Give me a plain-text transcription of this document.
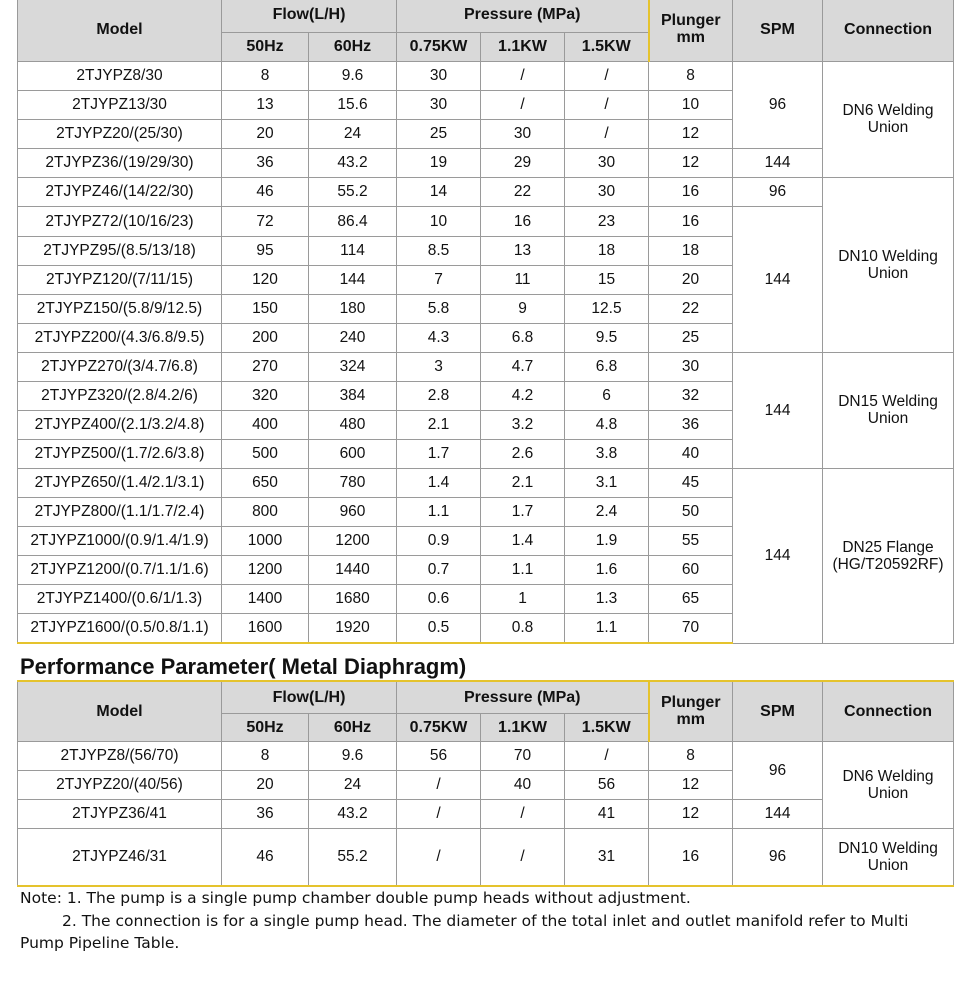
Model	Flow(L/H)		Pressure (MPa)			Plunger mm	SPM	Connection
	50Hz	60Hz	0.75KW	1.1KW	1.5KW			
2TJYPZ8/30	8	9.6	30	/	/	8	96	DN6 Welding Union
2TJYPZ13/30	13	15.6	30	/	/	10		
2TJYPZ20/(25/30)	20	24	25	30	/	12		
2TJYPZ36/(19/29/30)	36	43.2	19	29	30	12	144	
2TJYPZ46/(14/22/30)	46	55.2	14	22	30	16	96	DN10 Welding Union
2TJYPZ72/(10/16/23)	72	86.4	10	16	23	16	144	
2TJYPZ95/(8.5/13/18)	95	114	8.5	13	18	18		
2TJYPZ120/(7/11/15)	120	144	7	11	15	20		
2TJYPZ150/(5.8/9/12.5)	150	180	5.8	9	12.5	22		
2TJYPZ200/(4.3/6.8/9.5)	200	240	4.3	6.8	9.5	25		
2TJYPZ270/(3/4.7/6.8)	270	324	3	4.7	6.8	30	144	DN15 Welding Union
2TJYPZ320/(2.8/4.2/6)	320	384	2.8	4.2	6	32		
2TJYPZ400/(2.1/3.2/4.8)	400	480	2.1	3.2	4.8	36		
2TJYPZ500/(1.7/2.6/3.8)	500	600	1.7	2.6	3.8	40		
2TJYPZ650/(1.4/2.1/3.1)	650	780	1.4	2.1	3.1	45	144	DN25 Flange (HG/T20592RF)
2TJYPZ800/(1.1/1.7/2.4)	800	960	1.1	1.7	2.4	50		
2TJYPZ1000/(0.9/1.4/1.9)	1000	1200	0.9	1.4	1.9	55		
2TJYPZ1200/(0.7/1.1/1.6)	1200	1440	0.7	1.1	1.6	60		
2TJYPZ1400/(0.6/1/1.3)	1400	1680	0.6	1	1.3	65		
2TJYPZ1600/(0.5/0.8/1.1)	1600	1920	0.5	0.8	1.1	70		
Performance Parameter( Metal Diaphragm)
Model	Flow(L/H)		Pressure (MPa)			Plunger mm	SPM	Connection
	50Hz	60Hz	0.75KW	1.1KW	1.5KW			
2TJYPZ8/(56/70)	8	9.6	56	70	/	8	96	DN6 Welding Union
2TJYPZ20/(40/56)	20	24	/	40	56	12		
2TJYPZ36/41	36	43.2	/	/	41	12	144	
2TJYPZ46/31	46	55.2	/	/	31	16	96	DN10 Welding Union
Note: 1. The pump is a single pump chamber double pump heads without adjustment.
2. The connection is for a single pump head. The diameter of the total inlet and outlet manifold refer to Multi Pump Pipeline Table.
